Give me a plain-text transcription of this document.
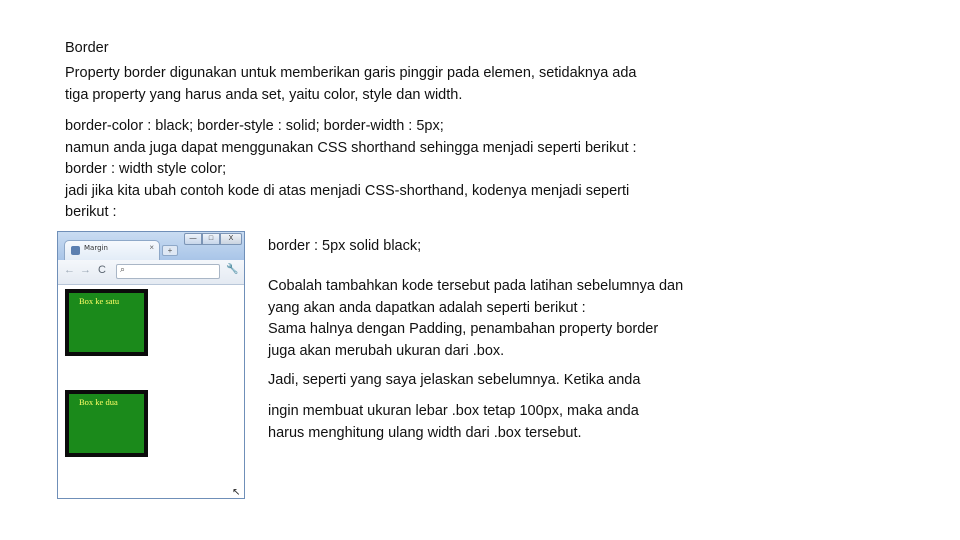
Border
Property border digunakan untuk memberikan garis pinggir pada elemen, setidaknya ada
tiga property yang harus anda set, yaitu color, style dan width.
border-color : black; border-style : solid; border-width : 5px;
namun anda juga dapat menggunakan CSS shorthand sehingga menjadi seperti berikut :
border : width style color;
jadi jika kita ubah contoh kode di atas menjadi CSS-shorthand, kodenya menjadi seperti
berikut :
border : 5px solid black;
Cobalah tambahkan kode tersebut pada latihan sebelumnya dan
yang akan anda dapatkan adalah seperti berikut :
Sama halnya dengan Padding, penambahan property border
juga akan merubah ukuran dari .box.
Jadi, seperti yang saya jelaskan sebelumnya. Ketika anda
ingin membuat ukuran lebar .box tetap 100px, maka anda
harus menghitung ulang width dari .box tersebut.
Margin	×	+
—	□	X
← → C ⌕	🔧
Box ke satu
Box ke dua
↖
